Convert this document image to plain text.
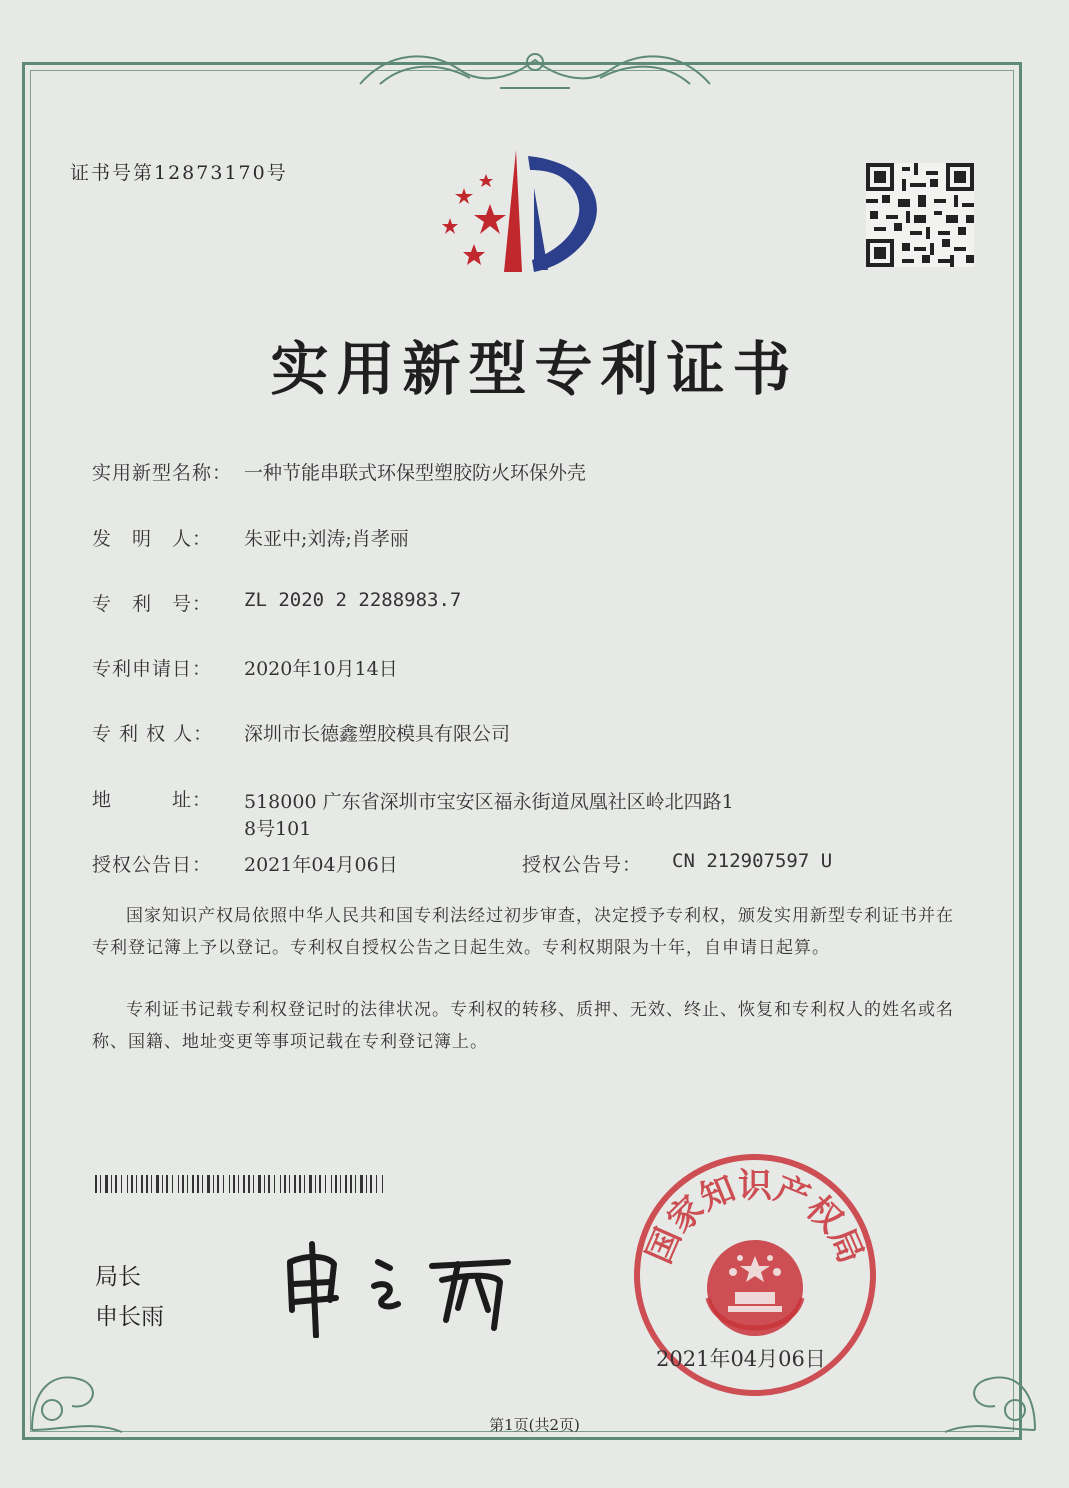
证书号第12873170号
实用新型专利证书
实用新型名称： 一种节能串联式环保型塑胶防火环保外壳
发　明　人： 朱亚中;刘涛;肖孝丽
专　利　号： ZL 2020 2 2288983.7
专利申请日： 2020年10月14日
专 利 权 人： 深圳市长德鑫塑胶模具有限公司
地　　　址： 518000 广东省深圳市宝安区福永街道凤凰社区岭北四路1
8号101
授权公告日： 2021年04月06日	授权公告号： CN 212907597 U
国家知识产权局依照中华人民共和国专利法经过初步审查，决定授予专利权，颁发实用新型专利证书并在专利登记簿上予以登记。专利权自授权公告之日起生效。专利权期限为十年，自申请日起算。
专利证书记载专利权登记时的法律状况。专利权的转移、质押、无效、终止、恢复和专利权人的姓名或名称、国籍、地址变更等事项记载在专利登记簿上。
局长
申长雨
国家知识产权局
2021年04月06日
第1页(共2页)
